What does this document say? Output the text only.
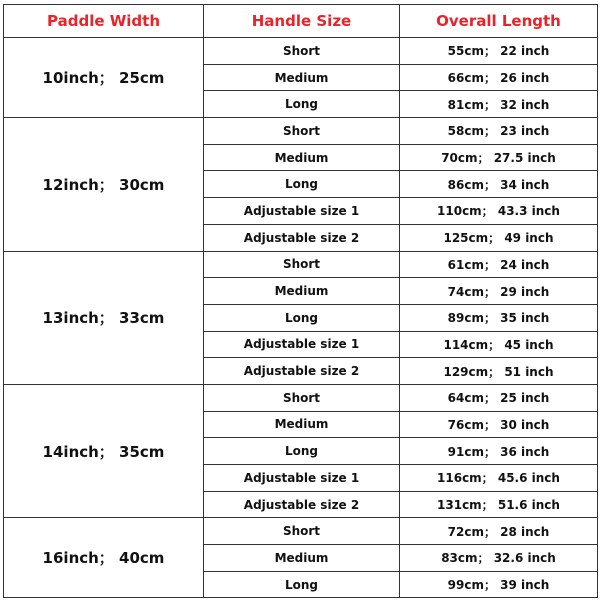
Paddle Width	Handle Size	Overall Length
10inch； 25cm	Short	55cm； 22 inch
	Medium	66cm； 26 inch
	Long	81cm； 32 inch
12inch； 30cm	Short	58cm； 23 inch
	Medium	70cm； 27.5 inch
	Long	86cm； 34 inch
	Adjustable size 1	110cm； 43.3 inch
	Adjustable size 2	125cm； 49 inch
13inch； 33cm	Short	61cm； 24 inch
	Medium	74cm； 29 inch
	Long	89cm； 35 inch
	Adjustable size 1	114cm； 45 inch
	Adjustable size 2	129cm； 51 inch
14inch； 35cm	Short	64cm； 25 inch
	Medium	76cm； 30 inch
	Long	91cm； 36 inch
	Adjustable size 1	116cm； 45.6 inch
	Adjustable size 2	131cm； 51.6 inch
16inch； 40cm	Short	72cm； 28 inch
	Medium	83cm； 32.6 inch
	Long	99cm； 39 inch
